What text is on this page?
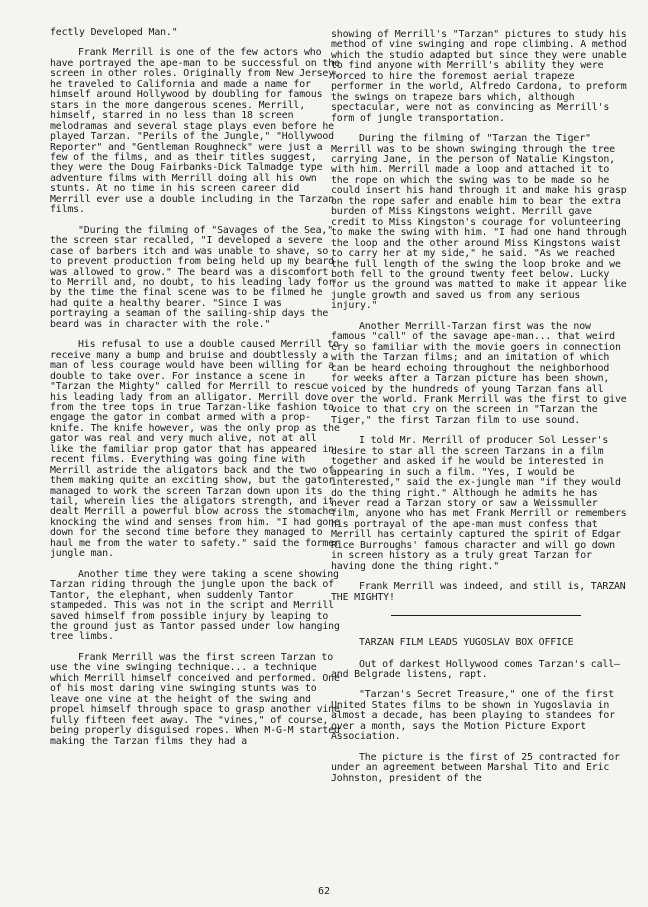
fectly Developed Man."

Frank Merrill is one of the few actors who have portrayed the ape-man to be successful on the screen in other roles. Originally from New Jersey, he traveled to California and made a name for himself around Hollywood by doubling for famous stars in the more dangerous scenes. Merrill, himself, starred in no less than 18 screen melodramas and several stage plays even before he played Tarzan. "Perils of the Jungle," "Hollywood Reporter" and "Gentleman Roughneck" were just a few of the films, and as their titles suggest, they were the Doug Fairbanks-Dick Talmadge type adventure films with Merrill doing all his own stunts. At no time in his screen career did Merrill ever use a double including in the Tarzan films.

"During the filming of "Savages of the Sea," the screen star recalled, "I developed a severe case of barbers itch and was unable to shave, so to prevent production from being held up my beard was allowed to grow." The beard was a discomfort to Merrill and, no doubt, to his leading lady for by the time the final scene was to be filmed he had quite a healthy bearer. "Since I was portraying a seaman of the sailing-ship days the beard was in character with the role."

His refusal to use a double caused Merrill to receive many a bump and bruise and doubtlessly a man of less courage would have been willing for a double to take over. For instance a scene in "Tarzan the Mighty" called for Merrill to rescue his leading lady from an alligator. Merrill dove from the tree tops in true Tarzan-like fashion to engage the gator in combat armed with a prop-knife. The knife however, was the only prop as the gator was real and very much alive, not at all like the familiar prop gator that has appeared in recent films. Everything was going fine with Merrill astride the aligators back and the two of them making quite an exciting show, but the gator managed to work the screen Tarzan down upon its tail, wherein lies the aligators strength, and it dealt Merrill a powerful blow across the stomache knocking the wind and senses from him. "I had gone down for the second time before they managed to haul me from the water to safety." said the former jungle man.

Another time they were taking a scene showing Tarzan riding through the jungle upon the back of Tantor, the elephant, when suddenly Tantor stampeded. This was not in the script and Merrill saved himself from possible injury by leaping to the ground just as Tantor passed under low hanging tree limbs.

Frank Merrill was the first screen Tarzan to use the vine swinging technique... a technique which Merrill himself conceived and performed. One of his most daring vine swinging stunts was to leave one vine at the height of the swing and propel himself through space to grasp another vine fully fifteen feet away. The "vines," of course, being properly disguised ropes. When M-G-M started making the Tarzan films they had a

showing of Merrill's "Tarzan" pictures to study his method of vine swinging and rope climbing. A method which the studio adapted but since they were unable to find anyone with Merrill's ability they were forced to hire the foremost aerial trapeze performer in the world, Alfredo Cardona, to preform the swings on trapeze bars which, although spectacular, were not as convincing as Merrill's form of jungle transportation.

During the filming of "Tarzan the Tiger" Merrill was to be shown swinging through the tree carrying Jane, in the person of Natalie Kingston, with him. Merrill made a loop and attached it to the rope on which the swing was to be made so he could insert his hand through it and make his grasp on the rope safer and enable him to bear the extra burden of Miss Kingstons weight. Merrill gave credit to Miss Kingston's courage for volunteering to make the swing with him. "I had one hand through the loop and the other around Miss Kingstons waist to carry her at my side," he said. "As we reached the full length of the swing the loop broke and we both fell to the ground twenty feet below. Lucky for us the ground was matted to make it appear like jungle growth and saved us from any serious injury."

Another Merrill-Tarzan first was the now famous "call" of the savage ape-man... that weird cry so familiar with the movie goers in connection with the Tarzan films; and an imitation of which can be heard echoing throughout the neighborhood for weeks after a Tarzan picture has been shown, voiced by the hundreds of young Tarzan fans all over the world. Frank Merrill was the first to give voice to that cry on the screen in "Tarzan the Tiger," the first Tarzan film to use sound.

I told Mr. Merrill of producer Sol Lesser's desire to star all the screen Tarzans in a film together and asked if he would be interested in appearing in such a film. "Yes, I would be interested," said the ex-jungle man "if they would do the thing right." Although he admits he has never read a Tarzan story or saw a Weissmuller film, anyone who has met Frank Merrill or remembers his portrayal of the ape-man must confess that Merrill has certainly captured the spirit of Edgar Rice Burroughs' famous character and will go down in screen history as a truly great Tarzan for having done the thing right."

Frank Merrill was indeed, and still is, TARZAN THE MIGHTY!

TARZAN FILM LEADS YUGOSLAV BOX OFFICE

Out of darkest Hollywood comes Tarzan's call—and Belgrade listens, rapt.

"Tarzan's Secret Treasure," one of the first United States films to be shown in Yugoslavia in almost a decade, has been playing to standees for over a month, says the Motion Picture Export Association.

The picture is the first of 25 contracted for under an agreement between Marshal Tito and Eric Johnston, president of the

62
